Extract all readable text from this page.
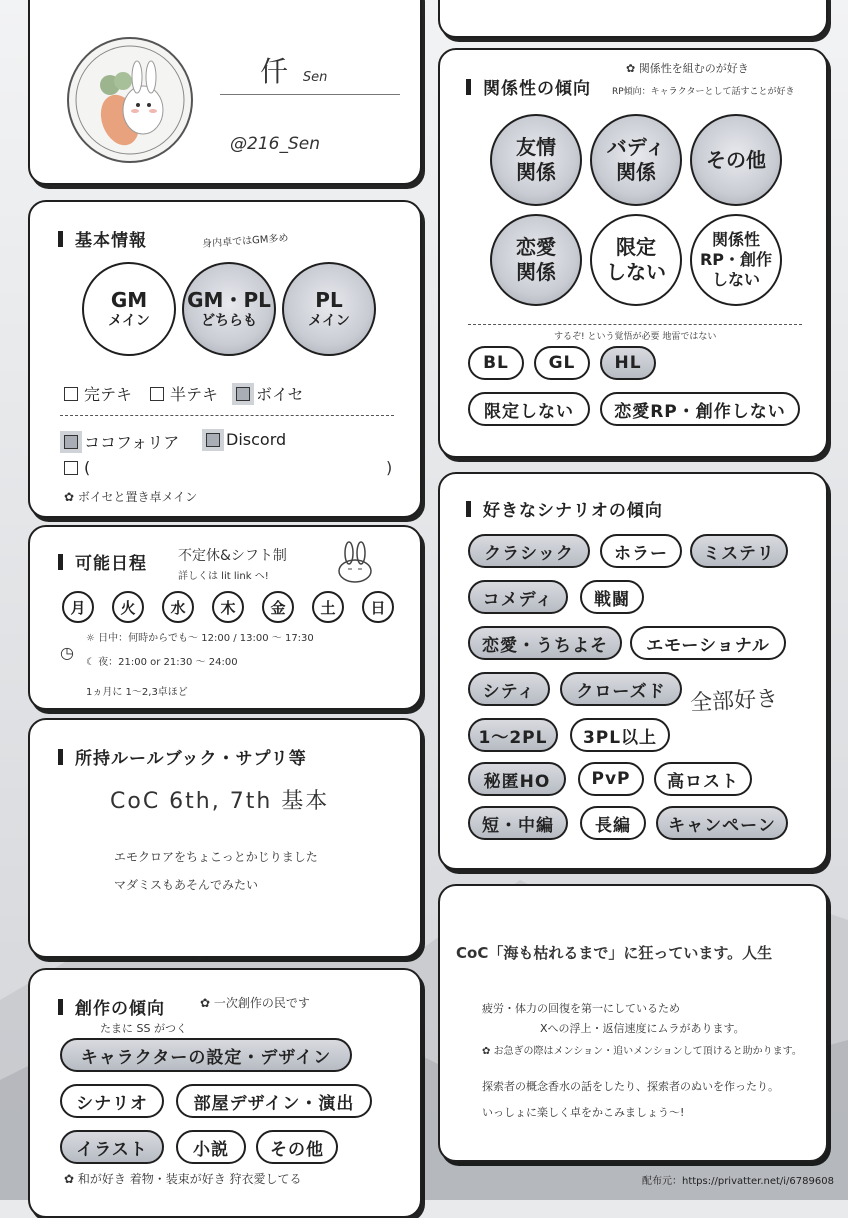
仟 Sen
@216_Sen
基本情報	身内卓ではGM多め
GM
メイン
GM・PL
どちらも
PL
メイン
完テキ 半テキ ボイセ
ココフォリア	Discord
(	)
✿ ボイセと置き卓メイン
可能日程 不定休&シフト制
詳しくは lit link へ!
月	火	水	木	金	土	日
◷
☼ 日中：何時からでも〜 12:00 / 13:00 〜 17:30
☾ 夜：21:00 or 21:30 〜 24:00
1ヵ月に 1〜2,3卓ほど
所持ルールブック・サプリ等
CoC 6th, 7th 基本
エモクロアをちょこっとかじりました
マダミスもあそんでみたい
創作の傾向	✿ 一次創作の民です
たまに SS がつく
キャラクターの設定・デザイン
シナリオ	部屋デザイン・演出
イラスト	小説	その他
✿ 和が好き 着物・装束が好き 狩衣愛してる
関係性の傾向
✿ 関係性を組むのが好き
RP傾向：キャラクターとして話すことが好き
友情
関係
バディ
関係
その他
恋愛
関係
限定
しない
関係性
RP・創作
しない
するぞ! という覚悟が必要 地雷ではない
BL	GL	HL
限定しない	恋愛RP・創作しない
好きなシナリオの傾向
クラシック	ホラー	ミステリ
コメディ	戦闘
恋愛・うちよそ	エモーショナル
シティ	クローズド
1〜2PL	3PL以上
秘匿HO	PvP	高ロスト
短・中編	長編	キャンペーン
全部好き
CoC「海も枯れるまで」に狂っています。人生
疲労・体力の回復を第一にしているため
Xへの浮上・返信速度にムラがあります。
✿ お急ぎの際はメンション・追いメンションして頂けると助かります。
探索者の概念香水の話をしたり、探索者のぬいを作ったり。
いっしょに楽しく卓をかこみましょう〜!
配布元：https://privatter.net/i/6789608
